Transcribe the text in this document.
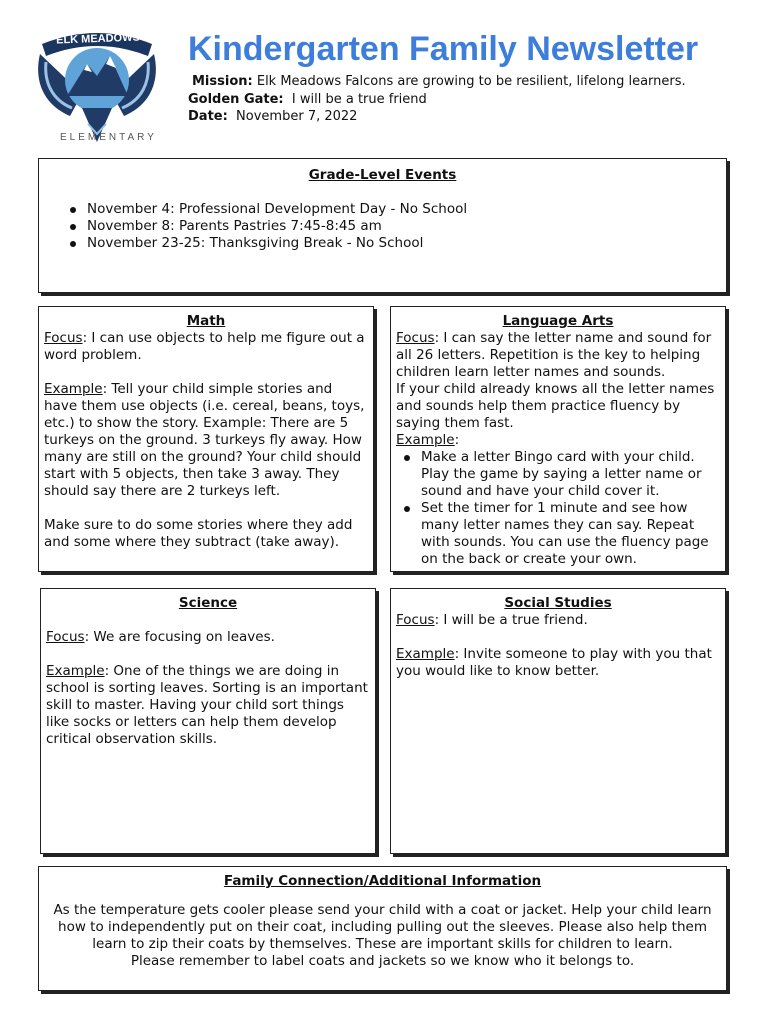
ELK MEADOWS
ELEMENTARY
Kindergarten Family Newsletter
Mission: Elk Meadows Falcons are growing to be resilient, lifelong learners.
Golden Gate:  I will be a true friend
Date:  November 7, 2022
Grade-Level Events
November 4: Professional Development Day - No School
November 8: Parents Pastries 7:45-8:45 am
November 23-25: Thanksgiving Break - No School
Math
Focus: I can use objects to help me figure out a word problem.
Example: Tell your child simple stories and have them use objects (i.e. cereal, beans, toys, etc.) to show the story. Example: There are 5 turkeys on the ground. 3 turkeys fly away. How many are still on the ground? Your child should start with 5 objects, then take 3 away. They should say there are 2 turkeys left.
Make sure to do some stories where they add and some where they subtract (take away).
Language Arts
Focus: I can say the letter name and sound for all 26 letters. Repetition is the key to helping children learn letter names and sounds.
If your child already knows all the letter names and sounds help them practice fluency by saying them fast.
Example:
Make a letter Bingo card with your child. Play the game by saying a letter name or sound and have your child cover it.
Set the timer for 1 minute and see how many letter names they can say. Repeat with sounds. You can use the fluency page on the back or create your own.
Science
Focus: We are focusing on leaves.
Example: One of the things we are doing in school is sorting leaves. Sorting is an important skill to master. Having your child sort things like socks or letters can help them develop critical observation skills.
Social Studies
Focus: I will be a true friend.
Example: Invite someone to play with you that you would like to know better.
Family Connection/Additional Information
As the temperature gets cooler please send your child with a coat or jacket. Help your child learn how to independently put on their coat, including pulling out the sleeves. Please also help them learn to zip their coats by themselves. These are important skills for children to learn.
Please remember to label coats and jackets so we know who it belongs to.
